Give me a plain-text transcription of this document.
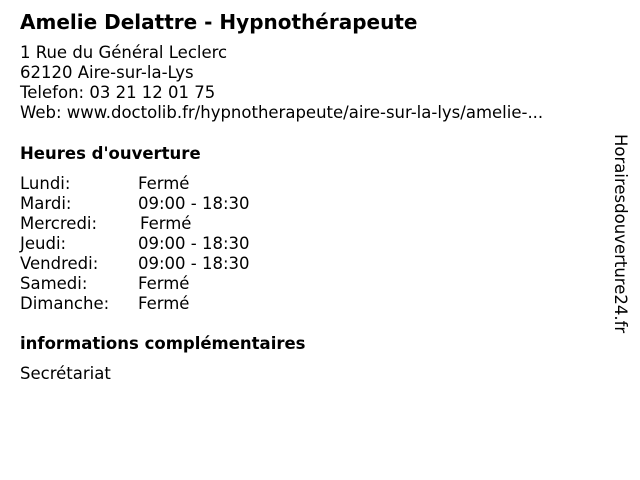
Amelie Delattre - Hypnothérapeute
1 Rue du Général Leclerc
62120 Aire-sur-la-Lys
Telefon: 03 21 12 01 75
Web: www.doctolib.fr/hypnotherapeute/aire-sur-la-lys/amelie-...
Heures d'ouverture
Lundi:	Fermé
Mardi:	09:00 - 18:30
Mercredi:	Fermé
Jeudi:	09:00 - 18:30
Vendredi: 09:00 - 18:30
Samedi:	Fermé
Dimanche: Fermé
informations complémentaires
Secrétariat
Horairesdouverture24.fr
